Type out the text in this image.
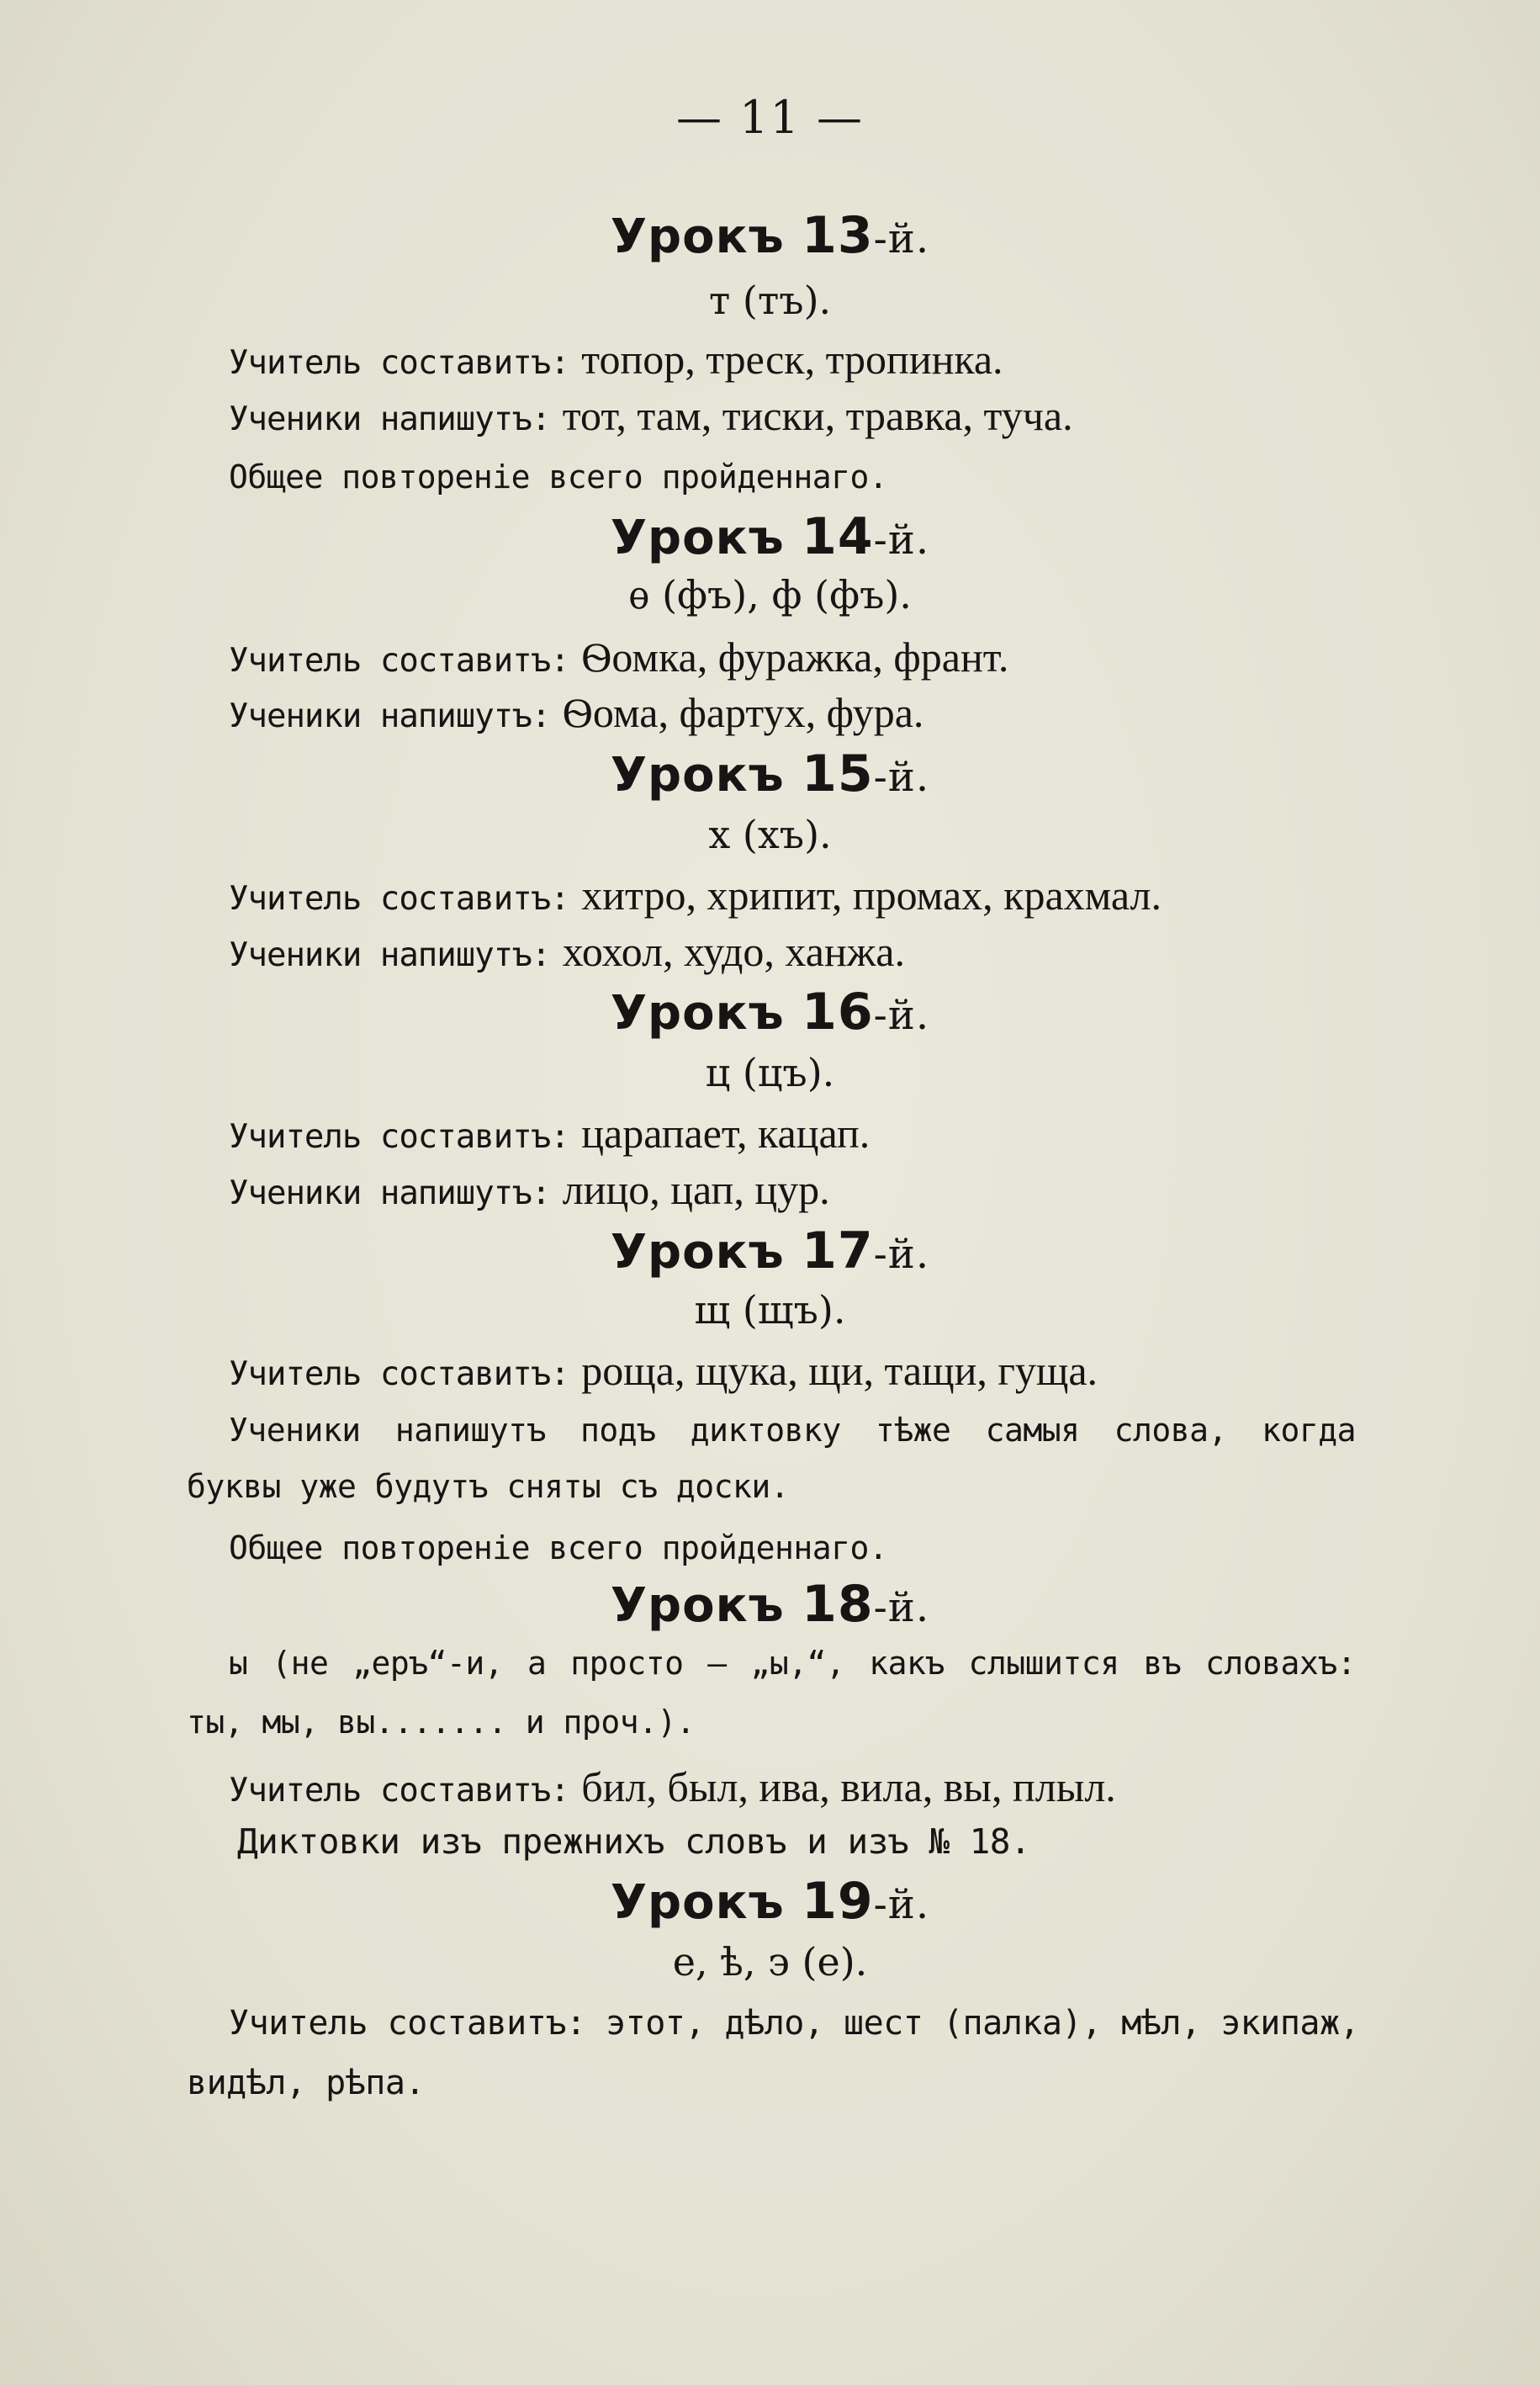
— 11 —
Урокъ 13-й.
т (тъ).
Учитель составитъ: топор, треск, тропинка.
Ученики напишутъ: тот, там, тиски, травка, туча.
Общее повторенiе всего пройденнаго.
Урокъ 14-й.
ѳ (фъ), ф (фъ).
Учитель составитъ: Ѳомка, фуражка, франт.
Ученики напишутъ: Ѳома, фартух, фура.
Урокъ 15-й.
х (хъ).
Учитель составитъ: хитро, хрипит, промах, крахмал.
Ученики напишутъ: хохол, худо, ханжа.
Урокъ 16-й.
ц (цъ).
Учитель составитъ: царапает, кацап.
Ученики напишутъ: лицо, цап, цур.
Урокъ 17-й.
щ (щъ).
Учитель составитъ: роща, щука, щи, тащи, гуща.
Ученики напишутъ подъ диктовку тѣже самыя слова, когда
буквы уже будутъ сняты съ доски.
Общее повторенiе всего пройденнаго.
Урокъ 18-й.
ы (не „еръ“-и, а просто — „ы,“, какъ слышится въ словахъ:
ты, мы, вы....... и проч.).
Учитель составитъ: бил, был, ива, вила, вы, плыл.
Диктовки изъ прежнихъ словъ и изъ № 18.
Урокъ 19-й.
е, ѣ, э (е).
Учитель составитъ: этот, дѣло, шест (палка), мѣл, экипаж,
видѣл, рѣпа.
